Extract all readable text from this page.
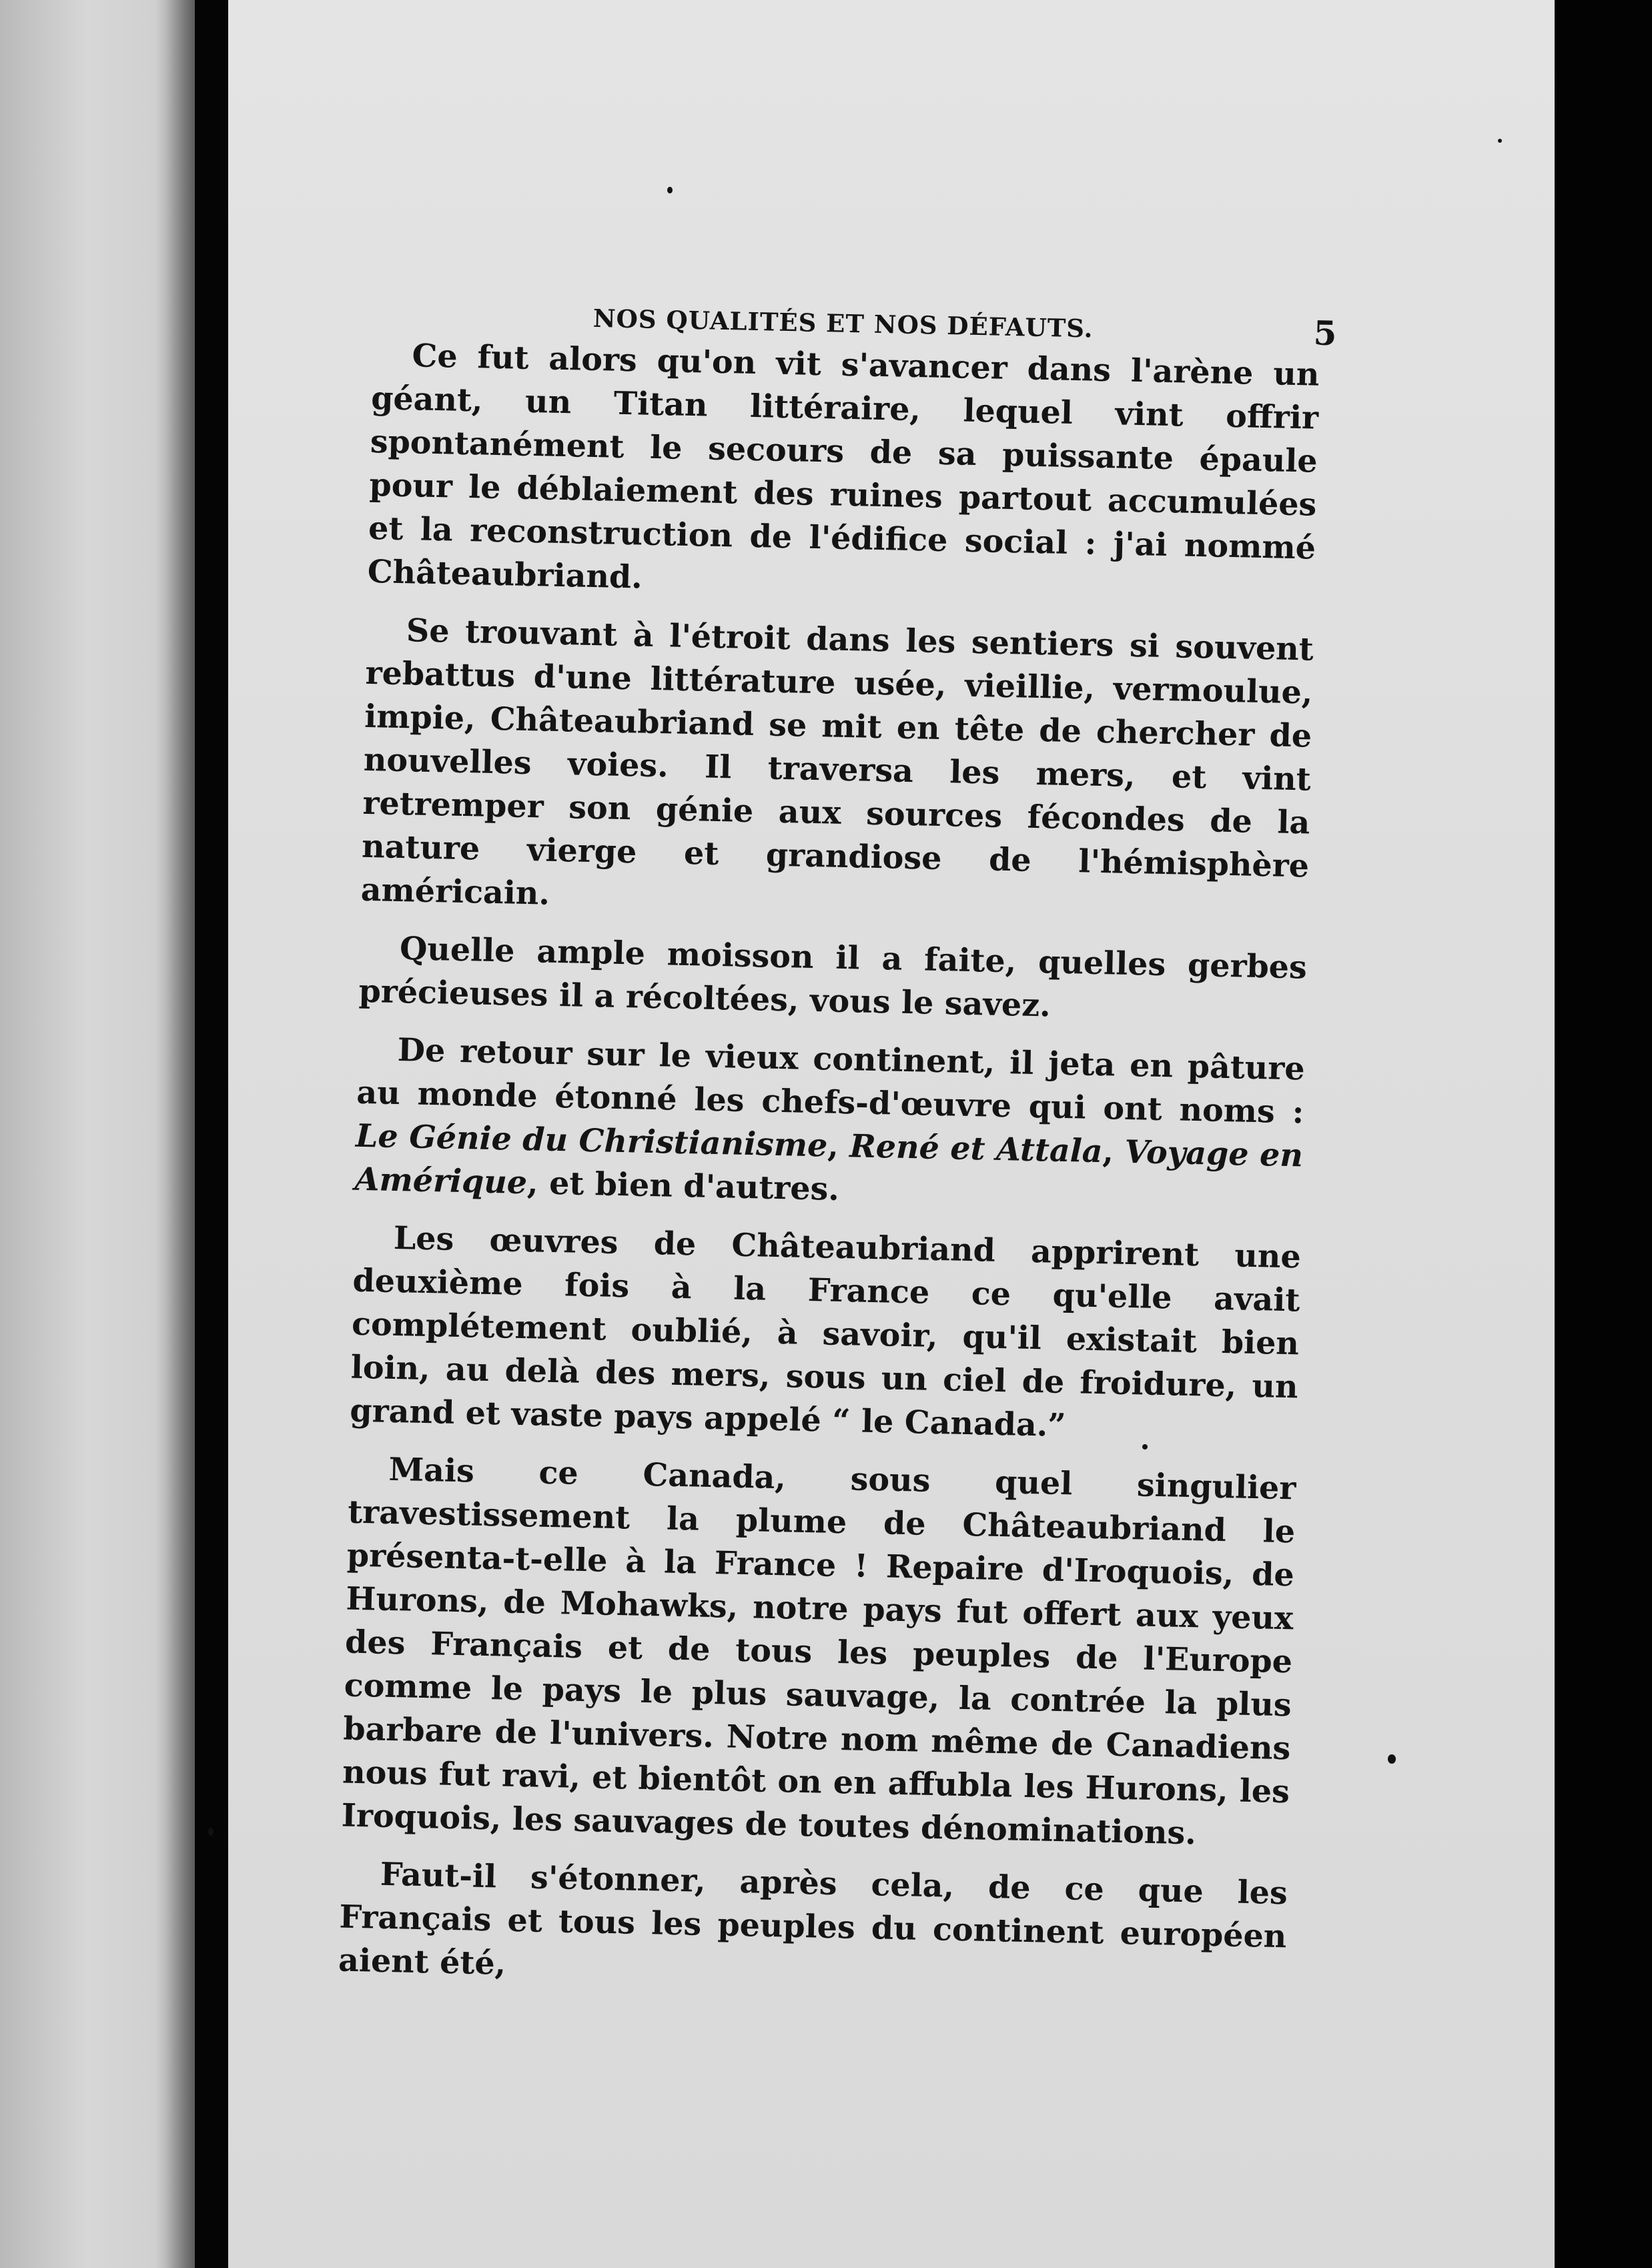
NOS QUALITÉS ET NOS DÉFAUTS.	5

Ce fut alors qu'on vit s'avancer dans l'arène un géant, un Titan littéraire, lequel vint offrir spontanément le secours de sa puissante épaule pour le déblaiement des ruines partout accumulées et la reconstruction de l'édifice social : j'ai nommé Châteaubriand.

Se trouvant à l'étroit dans les sentiers si souvent rebattus d'une littérature usée, vieillie, vermoulue, impie, Châteaubriand se mit en tête de chercher de nouvelles voies. Il traversa les mers, et vint retremper son génie aux sources fécondes de la nature vierge et grandiose de l'hémisphère américain.

Quelle ample moisson il a faite, quelles gerbes précieuses il a récoltées, vous le savez.

De retour sur le vieux continent, il jeta en pâture au monde étonné les chefs-d'œuvre qui ont noms : Le Génie du Christianisme, René et Attala, Voyage en Amérique, et bien d'autres.

Les œuvres de Châteaubriand apprirent une deuxième fois à la France ce qu'elle avait complétement oublié, à savoir, qu'il existait bien loin, au delà des mers, sous un ciel de froidure, un grand et vaste pays appelé “ le Canada.”

Mais ce Canada, sous quel singulier travestissement la plume de Châteaubriand le présenta-t-elle à la France ! Repaire d'Iroquois, de Hurons, de Mohawks, notre pays fut offert aux yeux des Français et de tous les peuples de l'Europe comme le pays le plus sauvage, la contrée la plus barbare de l'univers. Notre nom même de Canadiens nous fut ravi, et bientôt on en affubla les Hurons, les Iroquois, les sauvages de toutes dénominations.

Faut-il s'étonner, après cela, de ce que les Français et tous les peuples du continent européen aient été,
